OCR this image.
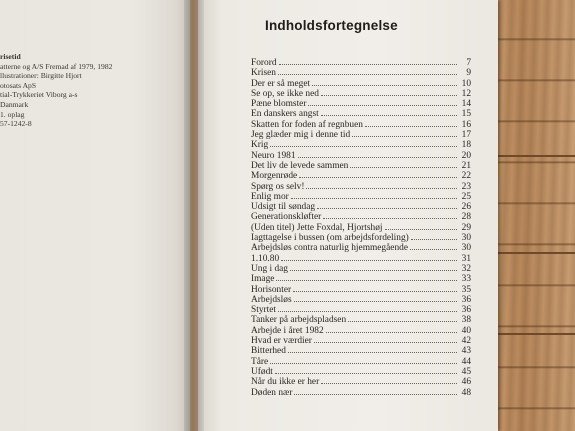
risetid
atterne og A/S Fremad af 1979, 1982
llustrationer: Birgitte Hjort
otosats ApS
tial-Trykkeriet Viborg a-s
Danmark
1. oplag
57-1242-8
Indholdsfortegnelse
Forord	7
Krisen	9
Der er så meget	10
Se op, se ikke ned	12
Pæne blomster	14
En danskers angst	15
Skatten for foden af regnbuen	16
Jeg glæder mig i denne tid	17
Krig	18
Neuro 1981	20
Det liv de levede sammen	21
Morgenrøde	22
Spørg os selv!	23
Enlig mor	25
Udsigt til søndag	26
Generationskløfter	28
(Uden titel) Jette Foxdal, Hjortshøj	29
Iagttagelse i bussen (om arbejdsfordeling)	30
Arbejdsløs contra naturlig hjemmegående	30
1.10.80	31
Ung i dag	32
Image	33
Horisonter	35
Arbejdsløs	36
Styrtet	36
Tanker på arbejdspladsen	38
Arbejde i året 1982	40
Hvad er værdier	42
Bitterhed	43
Tåre	44
Ufødt	45
Når du ikke er her	46
Døden nær	48
